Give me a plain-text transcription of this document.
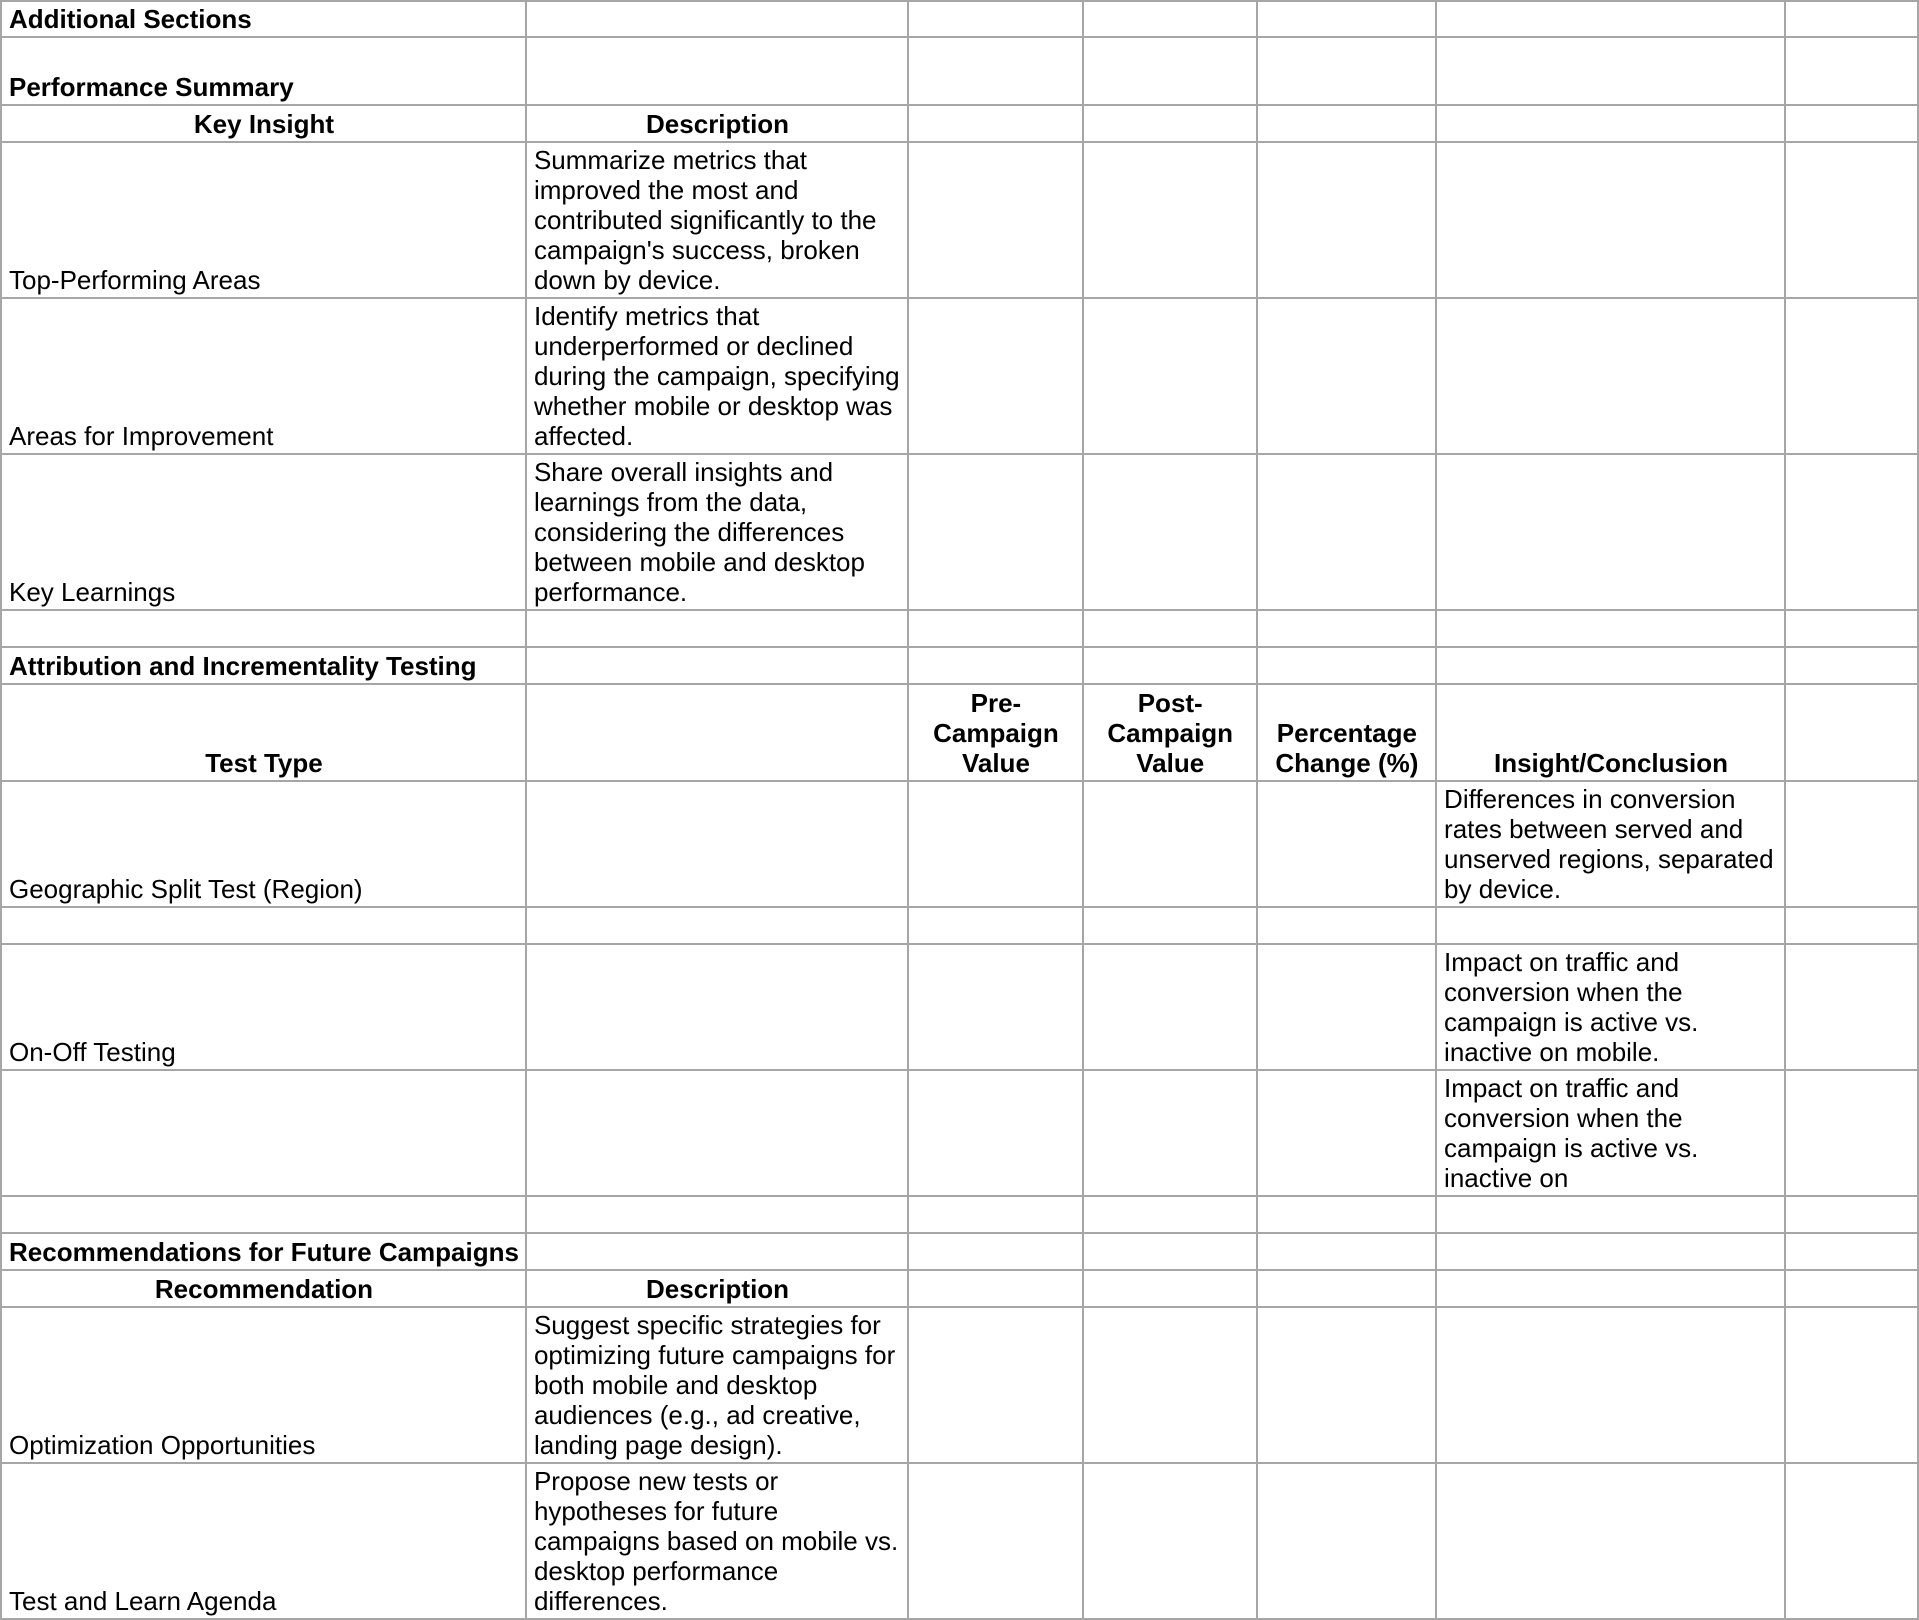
Additional Sections						
Performance Summary						
Key Insight	Description					
Top-Performing Areas	Summarize metrics that improved the most and contributed significantly to the campaign's success, broken down by device.					
Areas for Improvement	Identify metrics that underperformed or declined during the campaign, specifying whether mobile or desktop was affected.					
Key Learnings	Share overall insights and learnings from the data, considering the differences between mobile and desktop performance.					

Attribution and Incrementality Testing						
Test Type		Pre-Campaign Value	Post-Campaign Value	Percentage Change (%)	Insight/Conclusion	
Geographic Split Test (Region)					Differences in conversion rates between served and unserved regions, separated by device.	

On-Off Testing					Impact on traffic and conversion when the campaign is active vs. inactive on mobile.	
					Impact on traffic and conversion when the campaign is active vs. inactive on	

Recommendations for Future Campaigns						
Recommendation	Description					
Optimization Opportunities	Suggest specific strategies for optimizing future campaigns for both mobile and desktop audiences (e.g., ad creative, landing page design).					
Test and Learn Agenda	Propose new tests or hypotheses for future campaigns based on mobile vs. desktop performance differences.					
